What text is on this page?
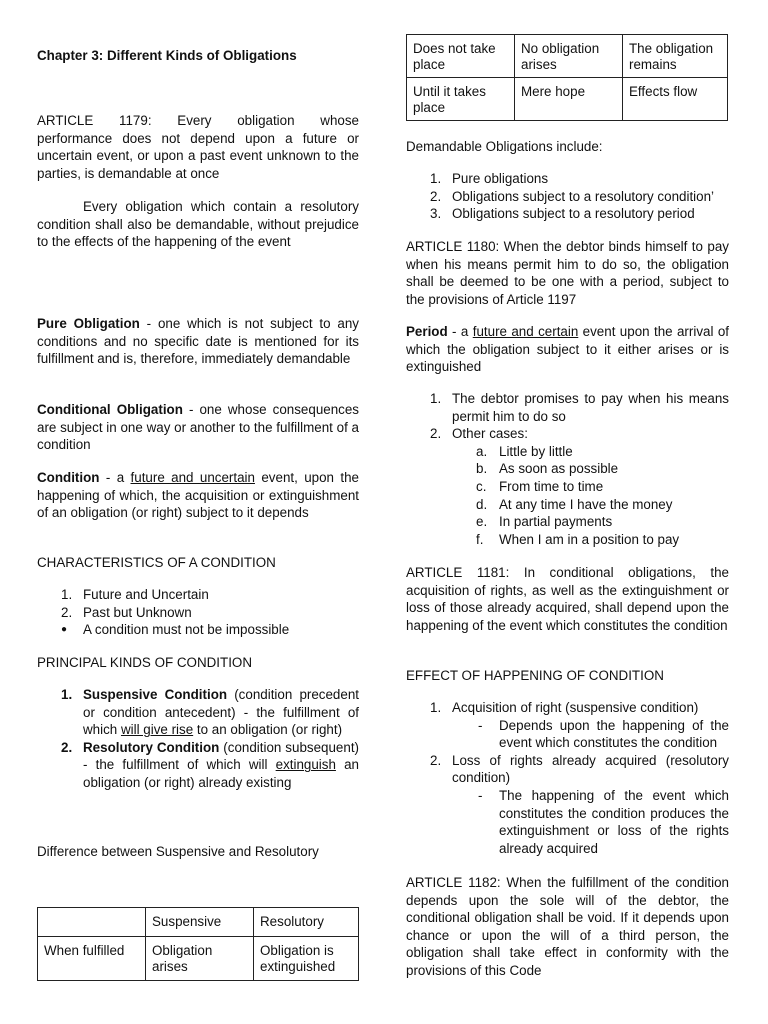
Chapter 3: Different Kinds of Obligations

ARTICLE 1179: Every obligation whose

performance does not depend upon a future or uncertain event, or upon a past event unknown to the parties, is demandable at once

Every obligation which contain a resolutory condition shall also be demandable, without prejudice to the effects of the happening of the event

Pure Obligation - one which is not subject to any conditions and no specific date is mentioned for its fulfillment and is, therefore, immediately demandable

Conditional Obligation - one whose consequences are subject in one way or another to the fulfillment of a condition

Condition - a future and uncertain event, upon the happening of which, the acquisition or extinguishment of an obligation (or right) subject to it depends

CHARACTERISTICS OF A CONDITION

1. Future and Uncertain
2. Past but Unknown
● A condition must not be impossible

PRINCIPAL KINDS OF CONDITION

1. Suspensive Condition (condition precedent or condition antecedent) - the fulfillment of which will give rise to an obligation (or right)
2. Resolutory Condition (condition subsequent) - the fulfillment of which will extinguish an obligation (or right) already existing

Difference between Suspensive and Resolutory

	Suspensive	Resolutory
When fulfilled	Obligation arises	Obligation is extinguished
Does not take place	No obligation arises	The obligation remains
Until it takes place	Mere hope	Effects flow

Demandable Obligations include:

1. Pure obligations
2. Obligations subject to a resolutory condition’
3. Obligations subject to a resolutory period

ARTICLE 1180: When the debtor binds himself to pay when his means permit him to do so, the obligation shall be deemed to be one with a period, subject to the provisions of Article 1197

Period - a future and certain event upon the arrival of which the obligation subject to it either arises or is extinguished

1. The debtor promises to pay when his means permit him to do so
2. Other cases:
a. Little by little
b. As soon as possible
c. From time to time
d. At any time I have the money
e. In partial payments
f. When I am in a position to pay

ARTICLE 1181: In conditional obligations, the acquisition of rights, as well as the extinguishment or loss of those already acquired, shall depend upon the happening of the event which constitutes the condition

EFFECT OF HAPPENING OF CONDITION

1. Acquisition of right (suspensive condition)
- Depends upon the happening of the event which constitutes the condition
2. Loss of rights already acquired (resolutory condition)
- The happening of the event which constitutes the condition produces the extinguishment or loss of the rights already acquired

ARTICLE 1182: When the fulfillment of the condition depends upon the sole will of the debtor, the conditional obligation shall be void. If it depends upon chance or upon the will of a third person, the obligation shall take effect in conformity with the provisions of this Code
